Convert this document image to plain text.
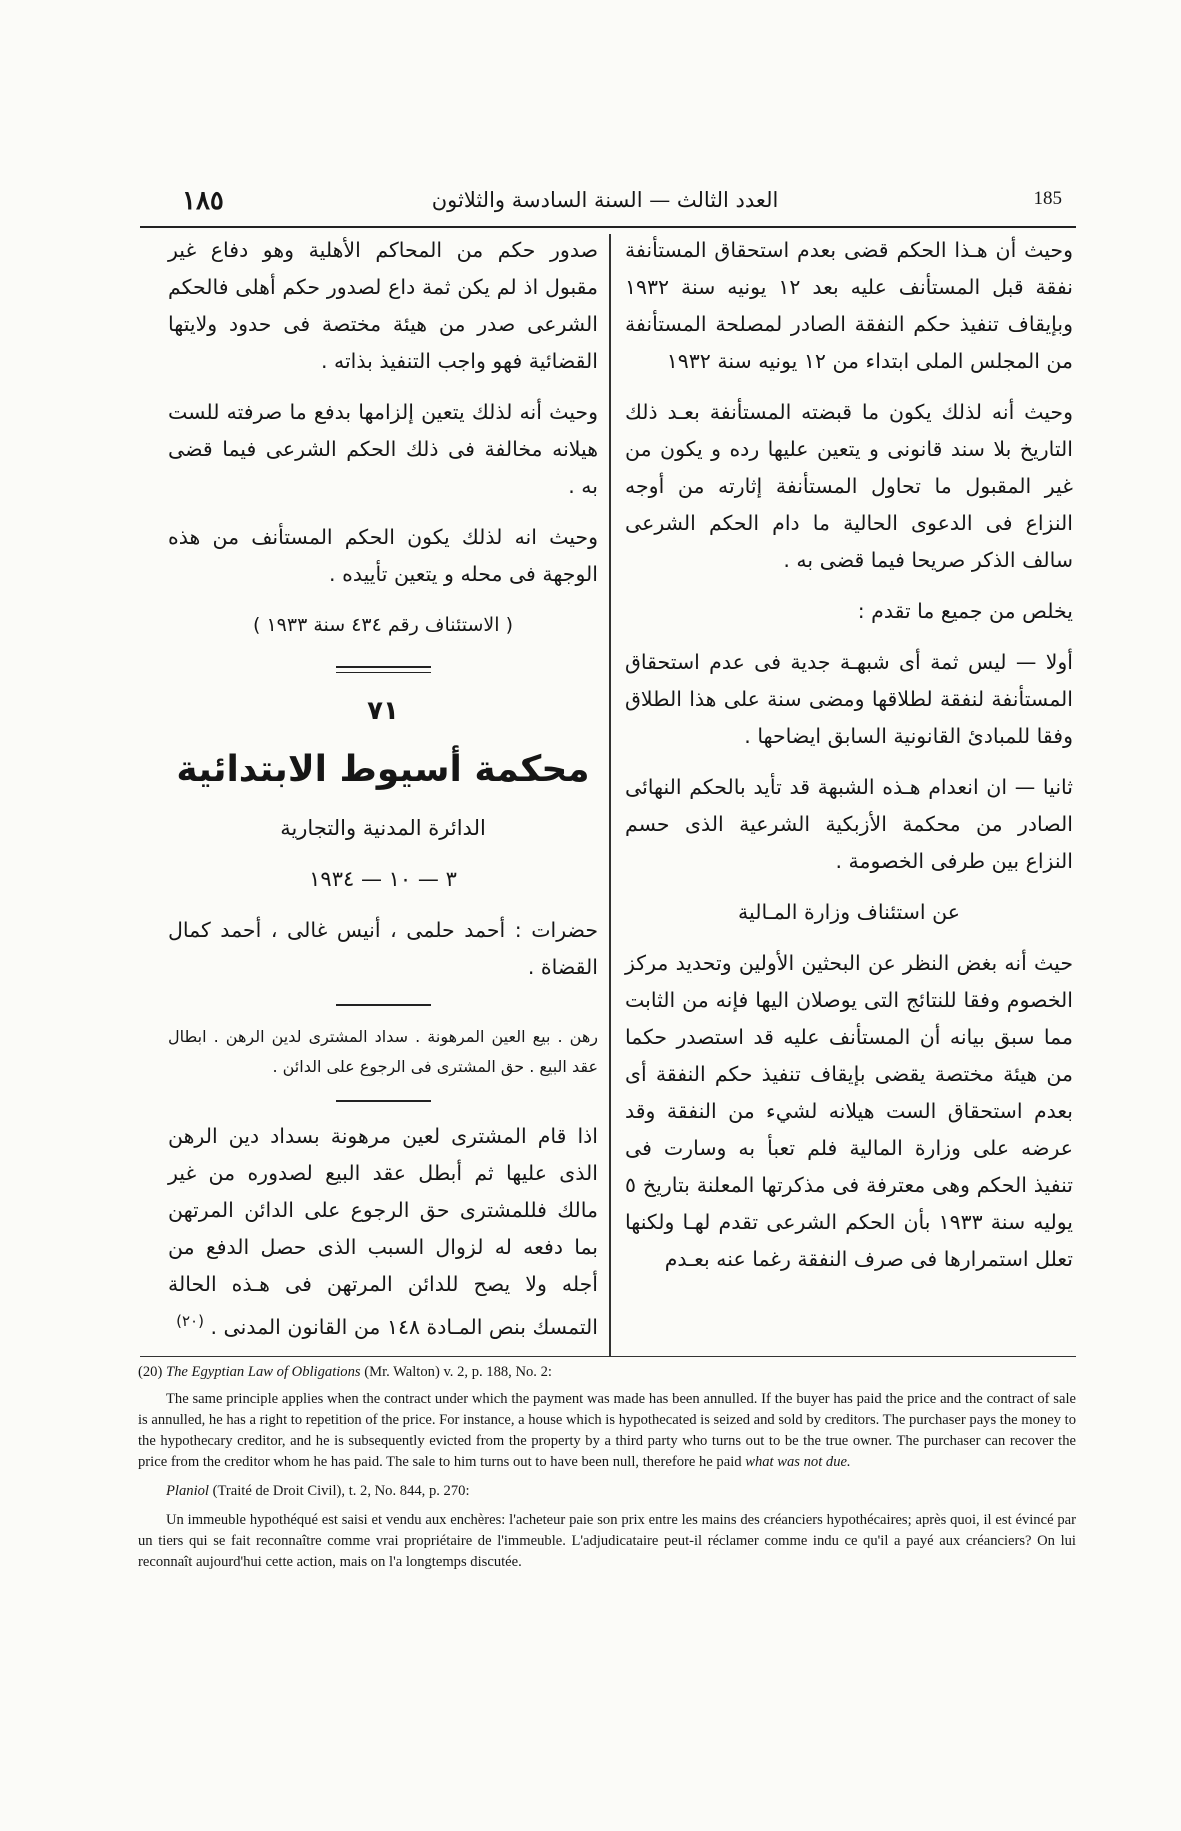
١٨٥	العدد الثالث — السنة السادسة والثلاثون	185

وحيث أن هـذا الحكم قضى بعدم استحقاق المستأنفة نفقة قبل المستأنف عليه بعد ١٢ يونيه سنة ١٩٣٢ وبإيقاف تنفيذ حكم النفقة الصادر لمصلحة المستأنفة من المجلس الملى ابتداء من ١٢ يونيه سنة ١٩٣٢

وحيث أنه لذلك يكون ما قبضته المستأنفة بعـد ذلك التاريخ بلا سند قانونى و يتعين عليها رده و يكون من غير المقبول ما تحاول المستأنفة إثارته من أوجه النزاع فى الدعوى الحالية ما دام الحكم الشرعى سالف الذكر صريحا فيما قضى به .

يخلص من جميع ما تقدم :

أولا — ليس ثمة أى شبهـة جدية فى عدم استحقاق المستأنفة لنفقة لطلاقها ومضى سنة على هذا الطلاق وفقا للمبادئ القانونية السابق ايضاحها .

ثانيا — ان انعدام هـذه الشبهة قد تأيد بالحكم النهائى الصادر من محكمة الأزبكية الشرعية الذى حسم النزاع بين طرفى الخصومة .

عن استئناف وزارة المـالية

حيث أنه بغض النظر عن البحثين الأولين وتحديد مركز الخصوم وفقا للنتائج التى يوصلان اليها فإنه من الثابت مما سبق بيانه أن المستأنف عليه قد استصدر حكما من هيئة مختصة يقضى بإيقاف تنفيذ حكم النفقة أى بعدم استحقاق الست هيلانه لشيء من النفقة وقد عرضه على وزارة المالية فلم تعبأ به وسارت فى تنفيذ الحكم وهى معترفة فى مذكرتها المعلنة بتاريخ ٥ يوليه سنة ١٩٣٣ بأن الحكم الشرعى تقدم لهـا ولكنها تعلل استمرارها فى صرف النفقة رغما عنه بعـدم

صدور حكم من المحاكم الأهلية وهو دفاع غير مقبول اذ لم يكن ثمة داع لصدور حكم أهلى فالحكم الشرعى صدر من هيئة مختصة فى حدود ولايتها القضائية فهو واجب التنفيذ بذاته .

وحيث أنه لذلك يتعين إلزامها بدفع ما صرفته للست هيلانه مخالفة فى ذلك الحكم الشرعى فيما قضى به .

وحيث انه لذلك يكون الحكم المستأنف من هذه الوجهة فى محله و يتعين تأييده .

( الاستئناف رقم ٤٣٤ سنة ١٩٣٣ )

٧١

محكمة أسيوط الابتدائية

الدائرة المدنية والتجارية

٣ — ١٠ — ١٩٣٤

حضرات : أحمد حلمى ، أنيس غالى ، أحمد كمال القضاة .

رهن . بيع العين المرهونة . سداد المشترى لدين الرهن . ابطال عقد البيع . حق المشترى فى الرجوع على الدائن .

اذا قام المشترى لعين مرهونة بسداد دين الرهن الذى عليها ثم أبطل عقد البيع لصدوره من غير مالك فللمشترى حق الرجوع على الدائن المرتهن بما دفعه له لزوال السبب الذى حصل الدفع من أجله ولا يصح للدائن المرتهن فى هـذه الحالة التمسك بنص المـادة ١٤٨ من القانون المدنى . $^{(٢٠)}$

(20) The Egyptian Law of Obligations (Mr. Walton) v. 2, p. 188, No. 2:

The same principle applies when the contract under which the payment was made has been annulled. If the buyer has paid the price and the contract of sale is annulled, he has a right to repetition of the price. For instance, a house which is hypothecated is seized and sold by creditors. The purchaser pays the money to the hypothecary creditor, and he is subsequently evicted from the property by a third party who turns out to be the true owner. The purchaser can recover the price from the creditor whom he has paid. The sale to him turns out to have been null, therefore he paid what was not due.

Planiol (Traité de Droit Civil), t. 2, No. 844, p. 270:

Un immeuble hypothéqué est saisi et vendu aux enchères: l'acheteur paie son prix entre les mains des créanciers hypothécaires; après quoi, il est évincé par un tiers qui se fait reconnaître comme vrai propriétaire de l'immeuble. L'adjudicataire peut-il réclamer comme indu ce qu'il a payé aux créanciers? On lui reconnaît aujourd'hui cette action, mais on l'a longtemps discutée.
